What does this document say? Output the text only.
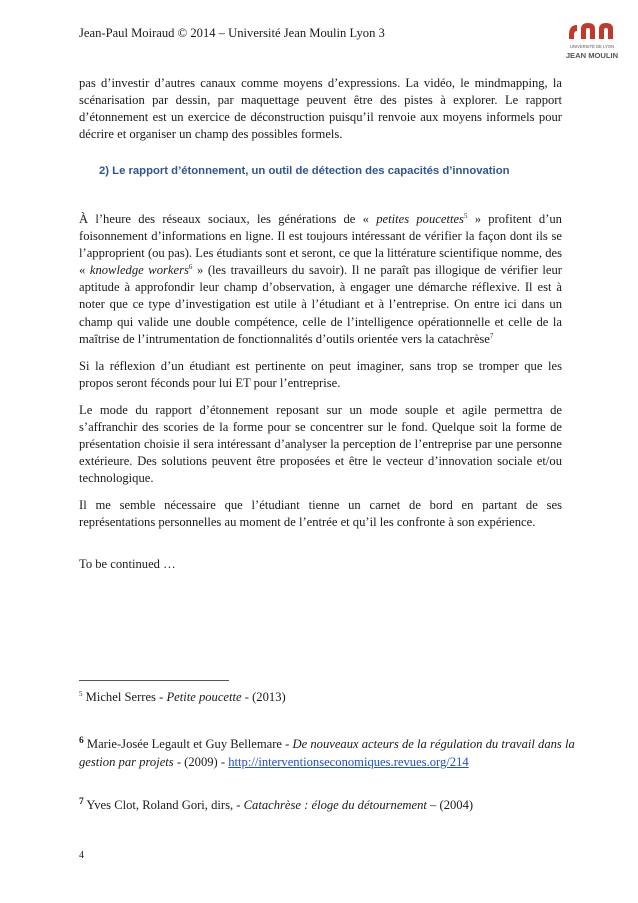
Jean-Paul Moiraud © 2014 – Université Jean Moulin Lyon 3
UNIVERSITÉ DE LYON
JEAN MOULIN

pas d’investir d’autres canaux comme moyens d’expressions. La vidéo, le mindmapping, la scénarisation par dessin, par maquettage peuvent être des pistes à explorer. Le rapport d’étonnement est un exercice de déconstruction puisqu’il renvoie aux moyens informels pour décrire et organiser un champ des possibles formels.

2) Le rapport d’étonnement, un outil de détection des capacités d’innovation

À l’heure des réseaux sociaux, les générations de « petites poucettes$^5$ » profitent d’un foisonnement d’informations en ligne. Il est toujours intéressant de vérifier la façon dont ils se l’approprient (ou pas). Les étudiants sont et seront, ce que la littérature scientifique nomme, des « knowledge workers$^6$ » (les travailleurs du savoir). Il ne paraît pas illogique de vérifier leur aptitude à approfondir leur champ d’observation, à engager une démarche réflexive. Il est à noter que ce type d’investigation est utile à l’étudiant et à l’entreprise. On entre ici dans un champ qui valide une double compétence, celle de l’intelligence opérationnelle et celle de la maîtrise de l’intrumentation de fonctionnalités d’outils orientée vers la catachrèse$^7$

Si la réflexion d’un étudiant est pertinente on peut imaginer, sans trop se tromper que les propos seront féconds pour lui ET pour l’entreprise.

Le mode du rapport d’étonnement reposant sur un mode souple et agile permettra de s’affranchir des scories de la forme pour se concentrer sur le fond. Quelque soit la forme de présentation choisie il sera intéressant d’analyser la perception de l’entreprise par une personne extérieure. Des solutions peuvent être proposées et être le vecteur d’innovation sociale et/ou technologique.

Il me semble nécessaire que l’étudiant tienne un carnet de bord en partant de ses représentations personnelles au moment de l’entrée et qu’il les confronte à son expérience.

To be continued …

$^5$ Michel Serres - Petite poucette - (2013)
$^6$ Marie-Josée Legault et Guy Bellemare - De nouveaux acteurs de la régulation du travail dans la gestion par projets - (2009) - http://interventionseconomiques.revues.org/214
$^7$ Yves Clot, Roland Gori, dirs, - Catachrèse : éloge du détournement – (2004)
4
